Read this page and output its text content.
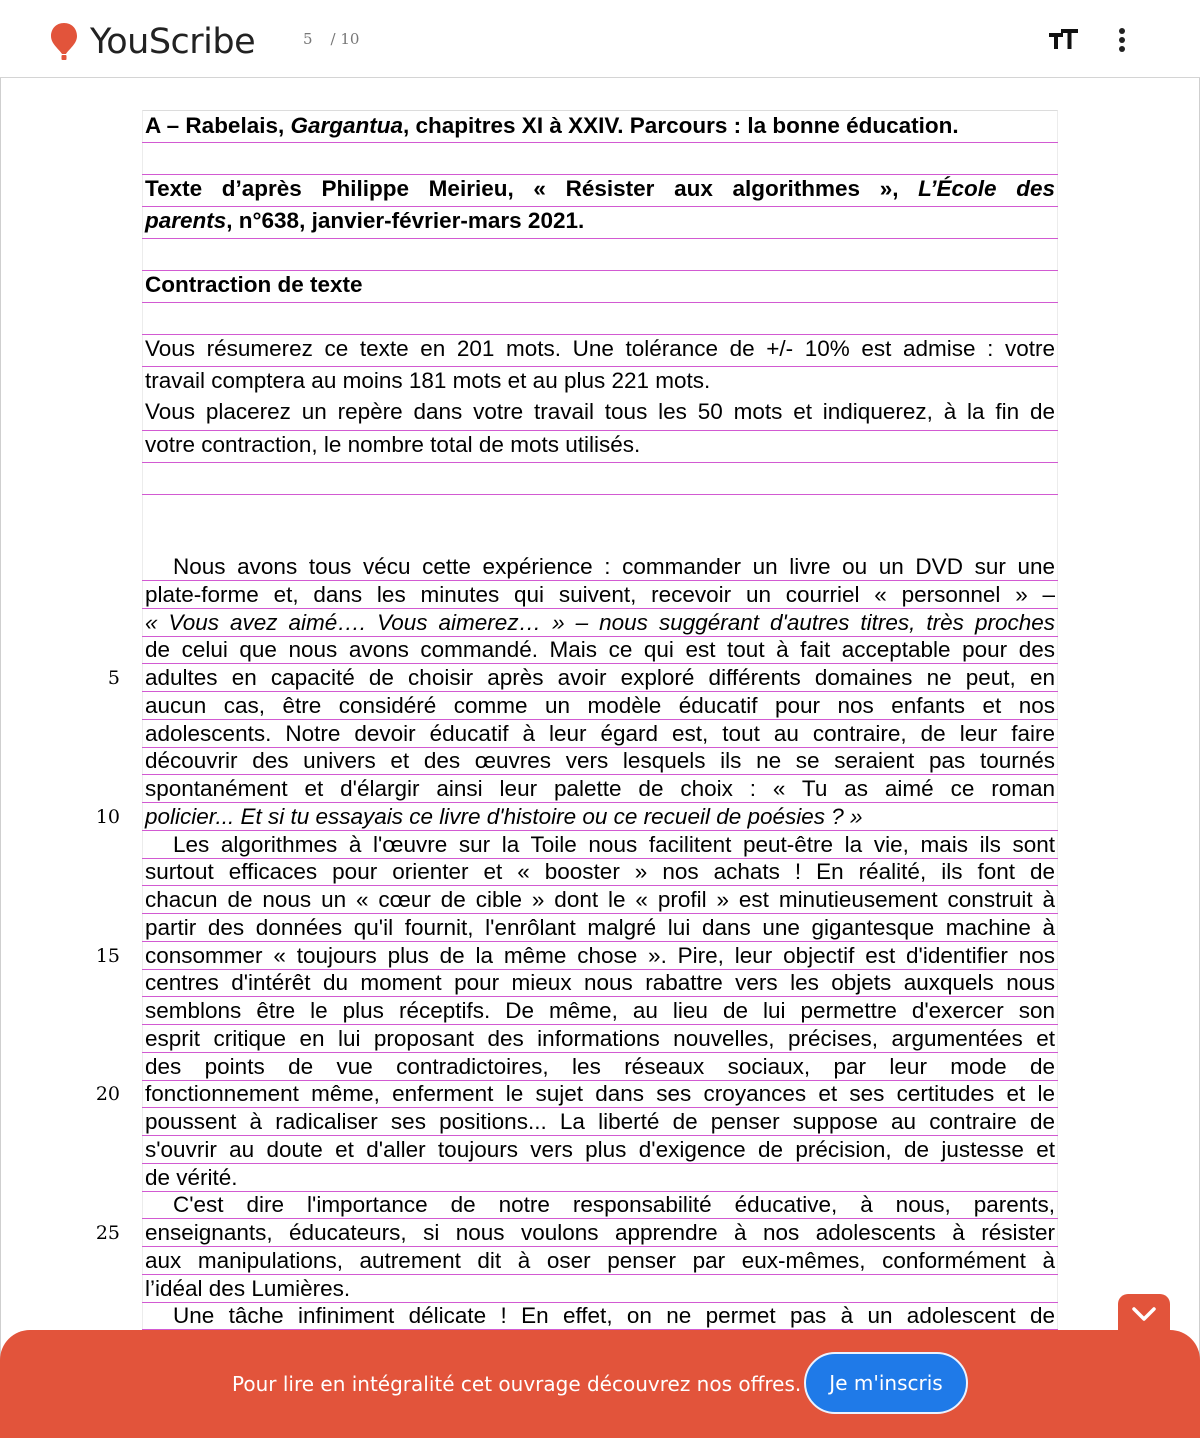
YouScribe	5 / 10
A – Rabelais, Gargantua, chapitres XI à XXIV. Parcours : la bonne éducation.
Texte d’après Philippe Meirieu, « Résister aux algorithmes », L’École des
parents, n°638, janvier-février-mars 2021.
Contraction de texte
Vous résumerez ce texte en 201 mots. Une tolérance de +/- 10% est admise : votre
travail comptera au moins 181 mots et au plus 221 mots.
Vous placerez un repère dans votre travail tous les 50 mots et indiquerez, à la fin de
votre contraction, le nombre total de mots utilisés.
Nous avons tous vécu cette expérience : commander un livre ou un DVD sur une
plate-forme et, dans les minutes qui suivent, recevoir un courriel « personnel » –
« Vous avez aimé…. Vous aimerez… » – nous suggérant d'autres titres, très proches
de celui que nous avons commandé. Mais ce qui est tout à fait acceptable pour des
adultes en capacité de choisir après avoir exploré différents domaines ne peut, en
aucun cas, être considéré comme un modèle éducatif pour nos enfants et nos
adolescents. Notre devoir éducatif à leur égard est, tout au contraire, de leur faire
découvrir des univers et des œuvres vers lesquels ils ne se seraient pas tournés
spontanément et d'élargir ainsi leur palette de choix : « Tu as aimé ce roman
policier... Et si tu essayais ce livre d'histoire ou ce recueil de poésies ? »
Les algorithmes à l'œuvre sur la Toile nous facilitent peut-être la vie, mais ils sont
surtout efficaces pour orienter et « booster » nos achats ! En réalité, ils font de
chacun de nous un « cœur de cible » dont le « profil » est minutieusement construit à
partir des données qu'il fournit, l'enrôlant malgré lui dans une gigantesque machine à
consommer « toujours plus de la même chose ». Pire, leur objectif est d'identifier nos
centres d'intérêt du moment pour mieux nous rabattre vers les objets auxquels nous
semblons être le plus réceptifs. De même, au lieu de lui permettre d'exercer son
esprit critique en lui proposant des informations nouvelles, précises, argumentées et
des points de vue contradictoires, les réseaux sociaux, par leur mode de
fonctionnement même, enferment le sujet dans ses croyances et ses certitudes et le
poussent à radicaliser ses positions... La liberté de penser suppose au contraire de
s'ouvrir au doute et d'aller toujours vers plus d'exigence de précision, de justesse et
de vérité.
C'est dire l'importance de notre responsabilité éducative, à nous, parents,
enseignants, éducateurs, si nous voulons apprendre à nos adolescents à résister
aux manipulations, autrement dit à oser penser par eux-mêmes, conformément à
l’idéal des Lumières.
Une tâche infiniment délicate ! En effet, on ne permet pas à un adolescent de
5
10
15
20
25
Pour lire en intégralité cet ouvrage découvrez nos offres.	Je m'inscris
